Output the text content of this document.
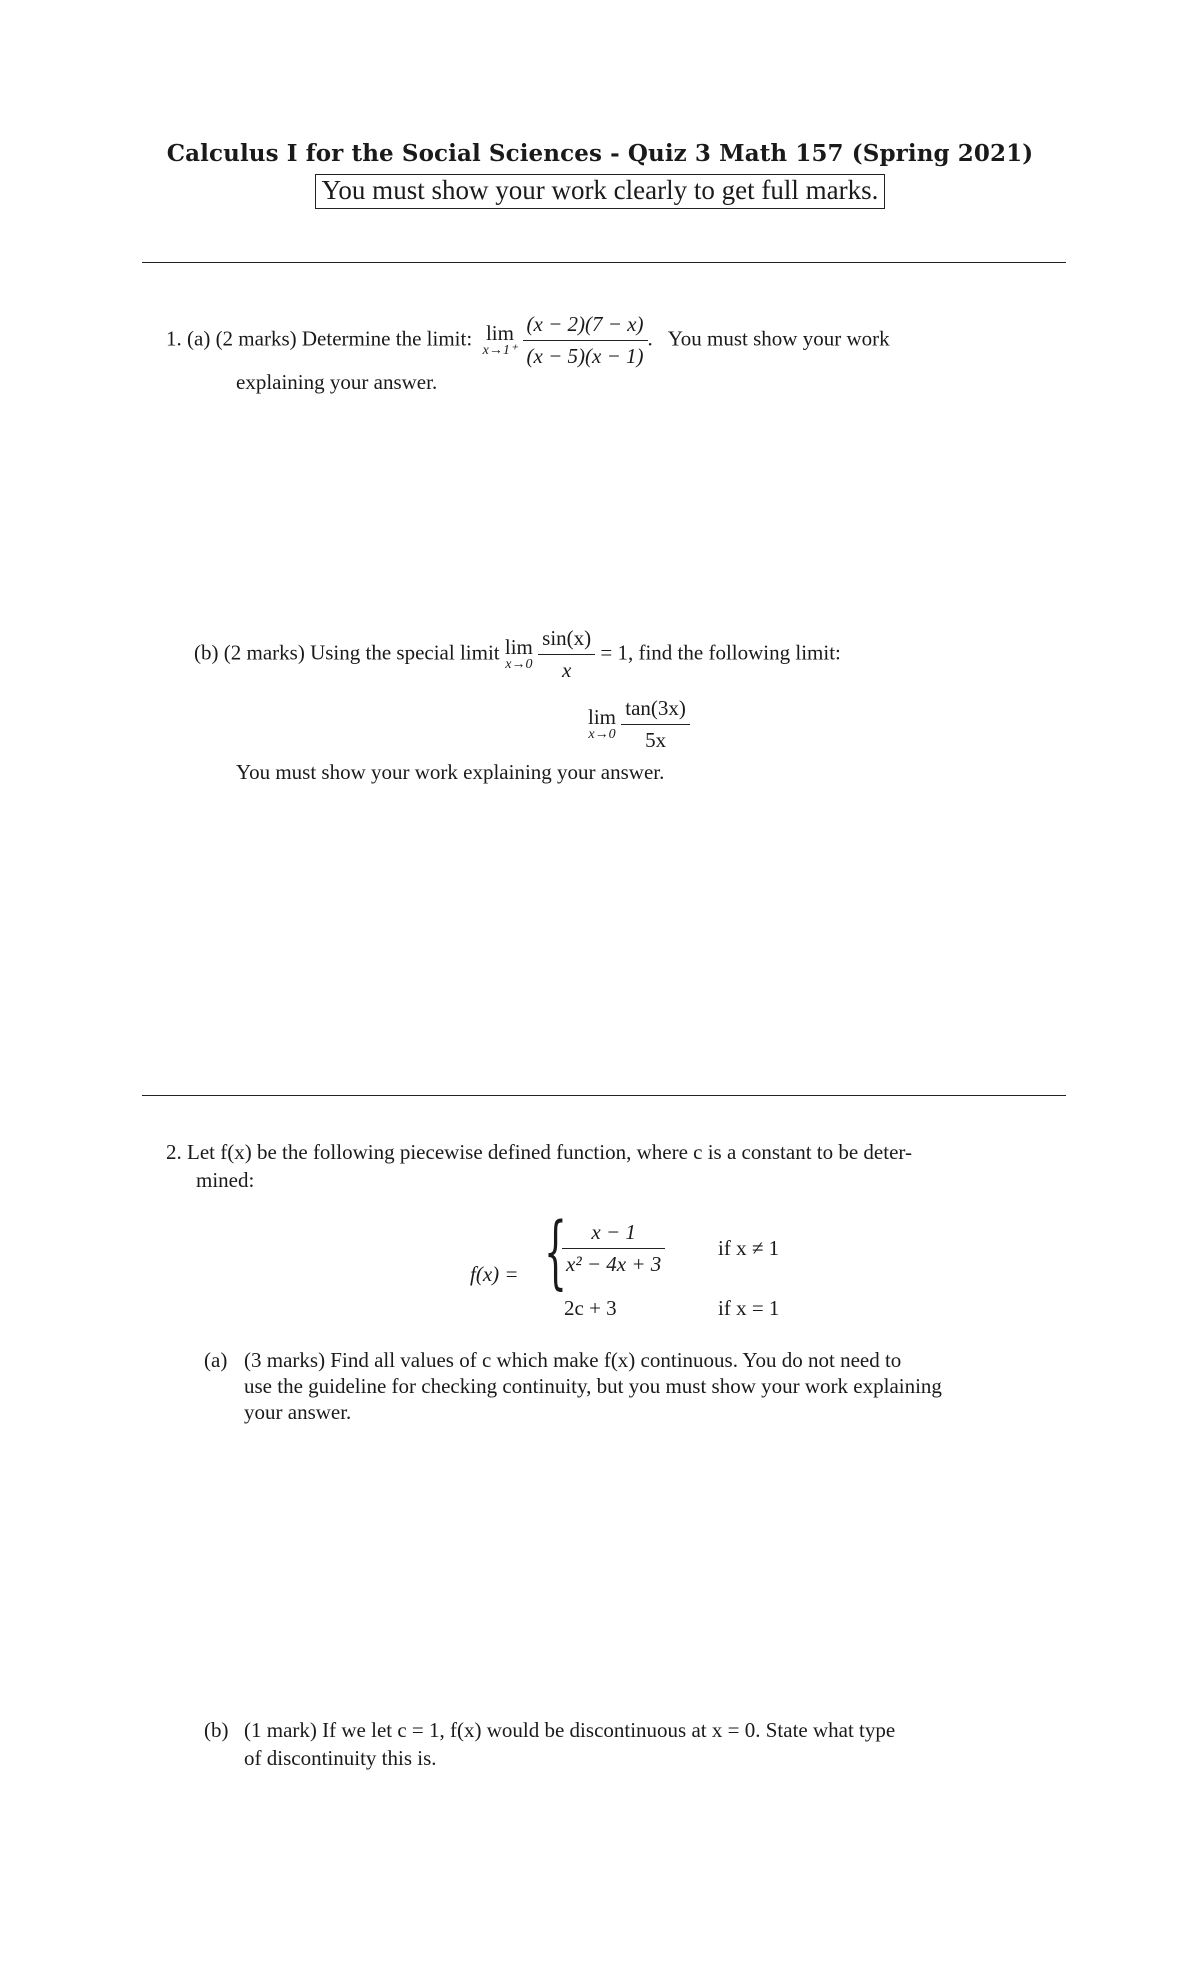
Calculus I for the Social Sciences - Quiz 3 Math 157 (Spring 2021)
You must show your work clearly to get full marks.
1. (a) (2 marks) Determine the limit: lim
x→1⁺
$\frac{(x - 2)(7 - x)}{(x - 5)(x - 1)}$ .   You must show your work
explaining your answer.
(b) (2 marks) Using the special limit lim
x→0
$\frac{\sin(x)}{x} = 1$, find the following limit:
lim
x→0
$\frac{\tan(3x)}{5x}$
You must show your work explaining your answer.
2. Let f(x) be the following piecewise defined function, where c is a constant to be deter-
mined:
f(x) = {
$\frac{x - 1}{\text{x² − 4x + 3}}$	if x ≠ 1
2c + 3	if x = 1
(a) (3 marks) Find all values of c which make f(x) continuous. You do not need to
use the guideline for checking continuity, but you must show your work explaining
your answer.
(b) (1 mark) If we let c = 1, f(x) would be discontinuous at x = 0. State what type
of discontinuity this is.
